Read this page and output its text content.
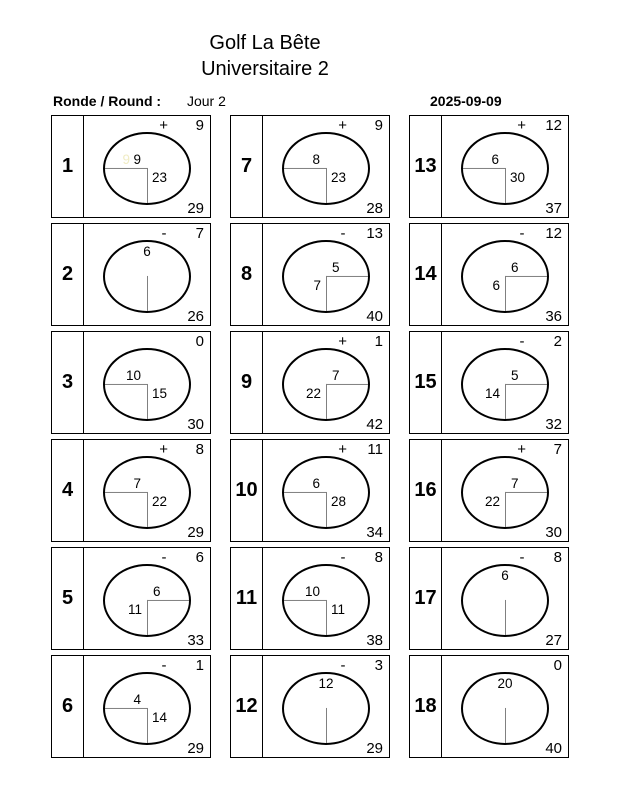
Golf La Bête
Universitaire 2
Ronde / Round : Jour 2	2025-09-09
1
+	9
9 9
23
29
2
-	7
6
26
3
0
10
15
30
4
+	8
7
22
29
5
-	6
6
11
33
6
-	1
4
14
29
7
+	9
8
23
28
8
-	13
5
7
40
9
+	1
7
22
42
10
+	11
6
28
34
11
-	8
10
11
38
12
-	3
12
29
13
+	12
6
30
37
14
-	12
6
6
36
15
-	2
5
14
32
16
+	7
7
22
30
17
-	8
6
27
18
0
20
40
